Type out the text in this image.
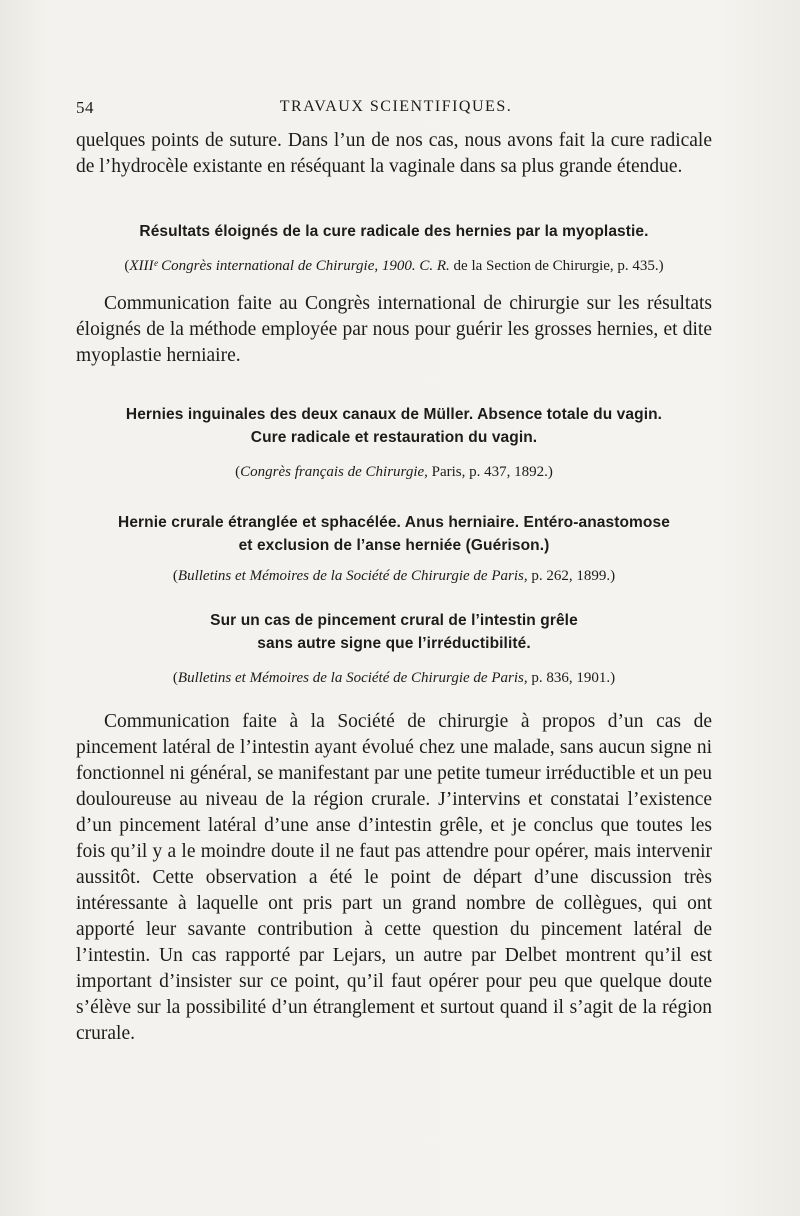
54	TRAVAUX SCIENTIFIQUES.

quelques points de suture. Dans l’un de nos cas, nous avons fait la cure radicale de l’hydrocèle existante en réséquant la vaginale dans sa plus grande étendue.

Résultats éloignés de la cure radicale des hernies par la myoplastie.

(XIIIᵉ Congrès international de Chirurgie, 1900. C. R. de la Section de Chirurgie, p. 435.)

Communication faite au Congrès international de chirurgie sur les résultats éloignés de la méthode employée par nous pour guérir les grosses hernies, et dite myoplastie herniaire.

Hernies inguinales des deux canaux de Müller. Absence totale du vagin.
Cure radicale et restauration du vagin.

(Congrès français de Chirurgie, Paris, p. 437, 1892.)

Hernie crurale étranglée et sphacélée. Anus herniaire. Entéro-anastomose
et exclusion de l’anse herniée (Guérison.)

(Bulletins et Mémoires de la Société de Chirurgie de Paris, p. 262, 1899.)

Sur un cas de pincement crural de l’intestin grêle
sans autre signe que l’irréductibilité.

(Bulletins et Mémoires de la Société de Chirurgie de Paris, p. 836, 1901.)

Communication faite à la Société de chirurgie à propos d’un cas de pincement latéral de l’intestin ayant évolué chez une malade, sans aucun signe ni fonctionnel ni général, se manifestant par une petite tumeur irréductible et un peu douloureuse au niveau de la région crurale. J’intervins et constatai l’existence d’un pincement latéral d’une anse d’intestin grêle, et je conclus que toutes les fois qu’il y a le moindre doute il ne faut pas attendre pour opérer, mais intervenir aussitôt. Cette observation a été le point de départ d’une discussion très intéressante à laquelle ont pris part un grand nombre de collègues, qui ont apporté leur savante contribution à cette question du pincement latéral de l’intestin. Un cas rapporté par Lejars, un autre par Delbet montrent qu’il est important d’insister sur ce point, qu’il faut opérer pour peu que quelque doute s’élève sur la possibilité d’un étranglement et surtout quand il s’agit de la région crurale.
